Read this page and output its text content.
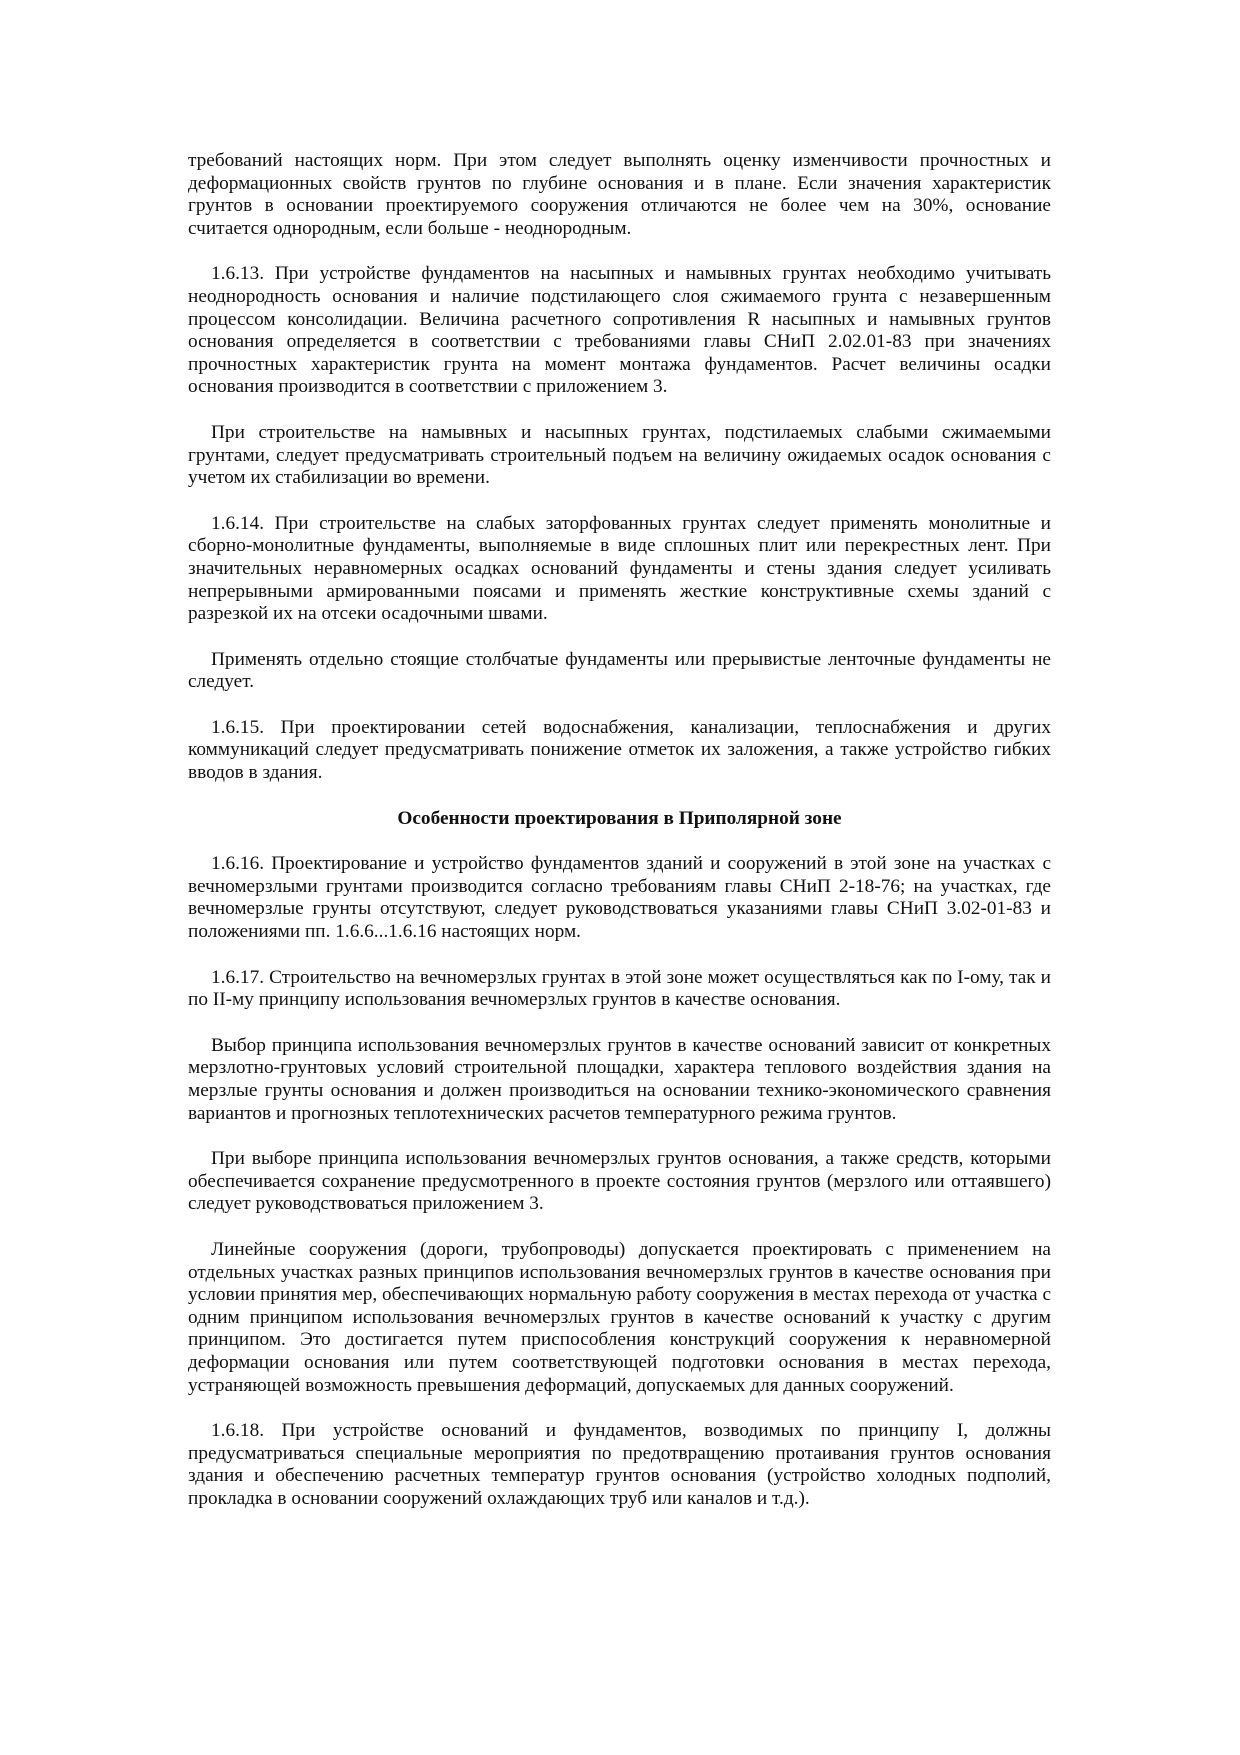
требований настоящих норм. При этом следует выполнять оценку изменчивости прочностных и деформационных свойств грунтов по глубине основания и в плане. Если значения характеристик грунтов в основании проектируемого сооружения отличаются не более чем на 30%, основание считается однородным, если больше - неоднородным.

1.6.13. При устройстве фундаментов на насыпных и намывных грунтах необходимо учитывать неоднородность основания и наличие подстилающего слоя сжимаемого грунта с незавершенным процессом консолидации. Величина расчетного сопротивления R насыпных и намывных грунтов основания определяется в соответствии с требованиями главы СНиП 2.02.01-83 при значениях прочностных характеристик грунта на момент монтажа фундаментов. Расчет величины осадки основания производится в соответствии с приложением 3.

При строительстве на намывных и насыпных грунтах, подстилаемых слабыми сжимаемыми грунтами, следует предусматривать строительный подъем на величину ожидаемых осадок основания с учетом их стабилизации во времени.

1.6.14. При строительстве на слабых заторфованных грунтах следует применять монолитные и сборно-монолитные фундаменты, выполняемые в виде сплошных плит или перекрестных лент. При значительных неравномерных осадках оснований фундаменты и стены здания следует усиливать непрерывными армированными поясами и применять жесткие конструктивные схемы зданий с разрезкой их на отсеки осадочными швами.

Применять отдельно стоящие столбчатые фундаменты или прерывистые ленточные фундаменты не следует.

1.6.15. При проектировании сетей водоснабжения, канализации, теплоснабжения и других коммуникаций следует предусматривать понижение отметок их заложения, а также устройство гибких вводов в здания.

Особенности проектирования в Приполярной зоне

1.6.16. Проектирование и устройство фундаментов зданий и сооружений в этой зоне на участках с вечномерзлыми грунтами производится согласно требованиям главы СНиП 2-18-76; на участках, где вечномерзлые грунты отсутствуют, следует руководствоваться указаниями главы СНиП 3.02-01-83 и положениями пп. 1.6.6...1.6.16 настоящих норм.

1.6.17. Строительство на вечномерзлых грунтах в этой зоне может осуществляться как по I-ому, так и по II-му принципу использования вечномерзлых грунтов в качестве основания.

Выбор принципа использования вечномерзлых грунтов в качестве оснований зависит от конкретных мерзлотно-грунтовых условий строительной площадки, характера теплового воздействия здания на мерзлые грунты основания и должен производиться на основании технико-экономического сравнения вариантов и прогнозных теплотехнических расчетов температурного режима грунтов.

При выборе принципа использования вечномерзлых грунтов основания, а также средств, которыми обеспечивается сохранение предусмотренного в проекте состояния грунтов (мерзлого или оттаявшего) следует руководствоваться приложением 3.

Линейные сооружения (дороги, трубопроводы) допускается проектировать с применением на отдельных участках разных принципов использования вечномерзлых грунтов в качестве основания при условии принятия мер, обеспечивающих нормальную работу сооружения в местах перехода от участка с одним принципом использования вечномерзлых грунтов в качестве оснований к участку с другим принципом. Это достигается путем приспособления конструкций сооружения к неравномерной деформации основания или путем соответствующей подготовки основания в местах перехода, устраняющей возможность превышения деформаций, допускаемых для данных сооружений.

1.6.18. При устройстве оснований и фундаментов, возводимых по принципу I, должны предусматриваться специальные мероприятия по предотвращению протаивания грунтов основания здания и обеспечению расчетных температур грунтов основания (устройство холодных подполий, прокладка в основании сооружений охлаждающих труб или каналов и т.д.).
